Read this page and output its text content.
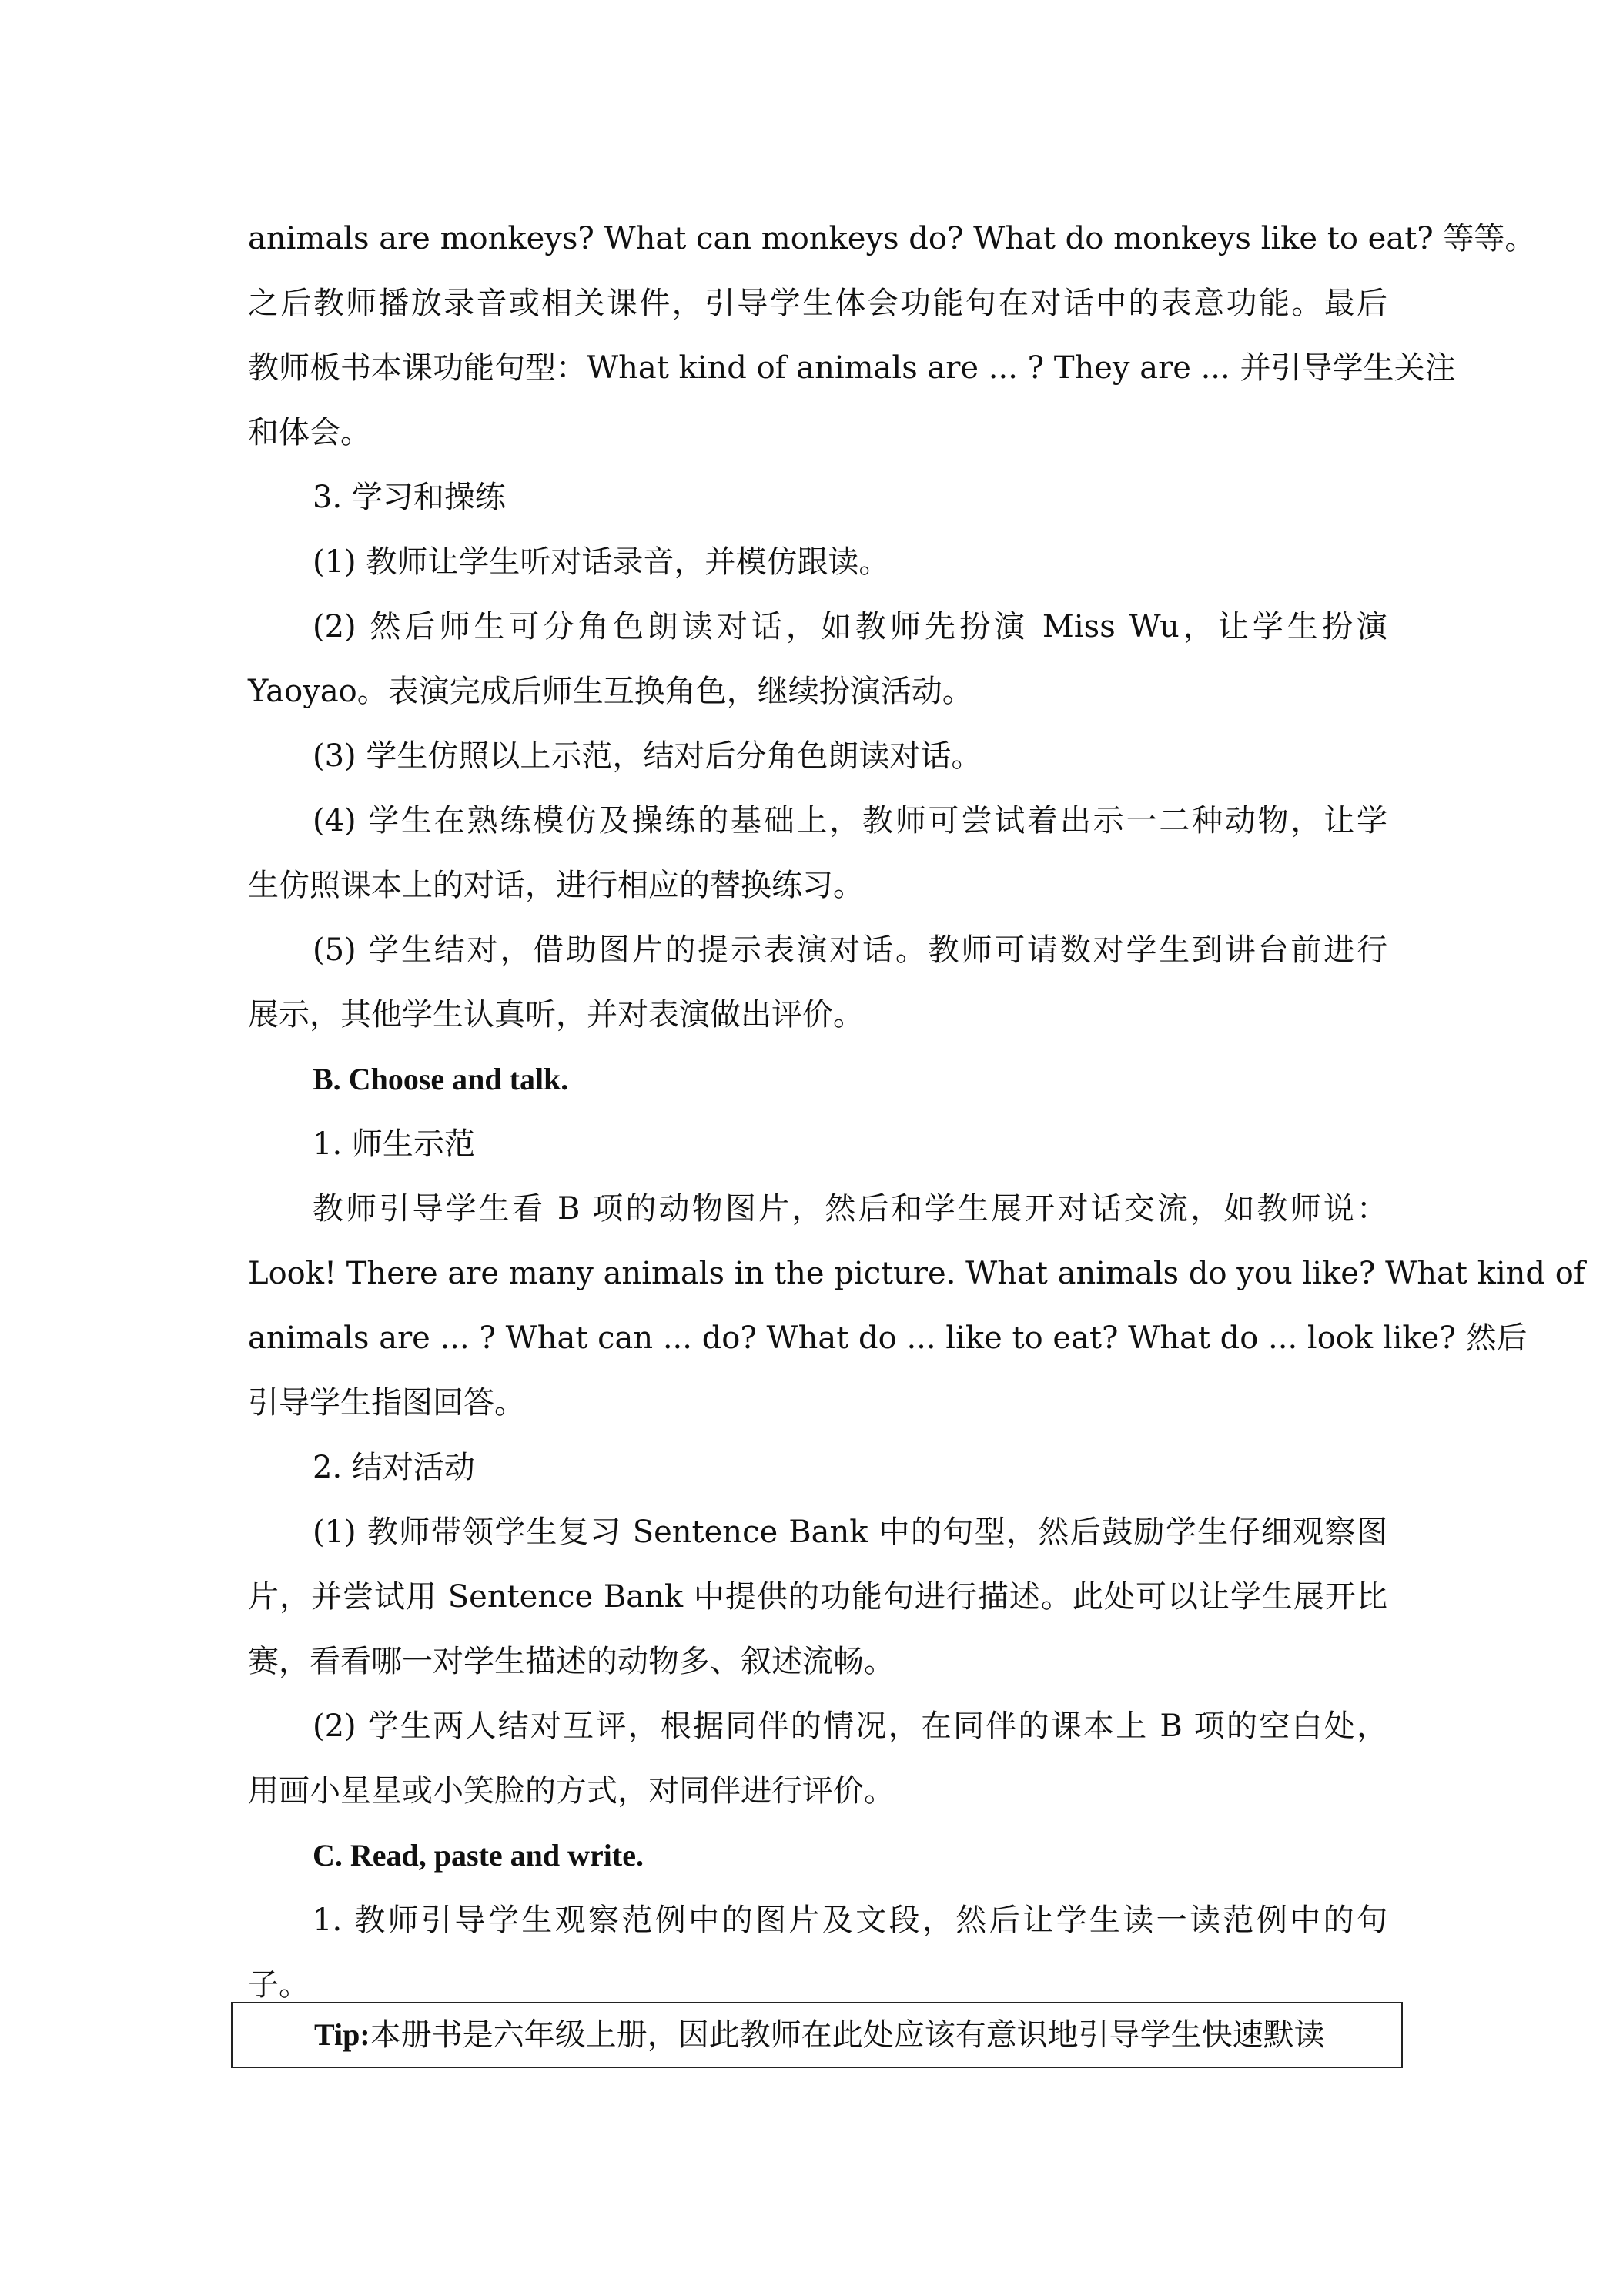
animals are monkeys? What can monkeys do? What do monkeys like to eat? 等等。
之后教师播放录音或相关课件，引导学生体会功能句在对话中的表意功能。最后
教师板书本课功能句型：What kind of animals are ... ? They are ... 并引导学生关注
和体会。
3. 学习和操练
(1) 教师让学生听对话录音，并模仿跟读。
(2) 然后师生可分角色朗读对话，如教师先扮演 Miss Wu，让学生扮演
Yaoyao。表演完成后师生互换角色，继续扮演活动。
(3) 学生仿照以上示范，结对后分角色朗读对话。
(4) 学生在熟练模仿及操练的基础上，教师可尝试着出示一二种动物，让学
生仿照课本上的对话，进行相应的替换练习。
(5) 学生结对，借助图片的提示表演对话。教师可请数对学生到讲台前进行
展示，其他学生认真听，并对表演做出评价。
B. Choose and talk.
1. 师生示范
教师引导学生看 B 项的动物图片，然后和学生展开对话交流，如教师说：
Look! There are many animals in the picture. What animals do you like? What kind of
animals are ... ? What can ... do? What do ... like to eat? What do ... look like? 然后
引导学生指图回答。
2. 结对活动
(1) 教师带领学生复习 Sentence Bank 中的句型，然后鼓励学生仔细观察图
片，并尝试用 Sentence Bank 中提供的功能句进行描述。此处可以让学生展开比
赛，看看哪一对学生描述的动物多、叙述流畅。
(2) 学生两人结对互评，根据同伴的情况，在同伴的课本上 B 项的空白处，
用画小星星或小笑脸的方式，对同伴进行评价。
C. Read, paste and write.
1. 教师引导学生观察范例中的图片及文段，然后让学生读一读范例中的句
子。
Tip:本册书是六年级上册，因此教师在此处应该有意识地引导学生快速默读
